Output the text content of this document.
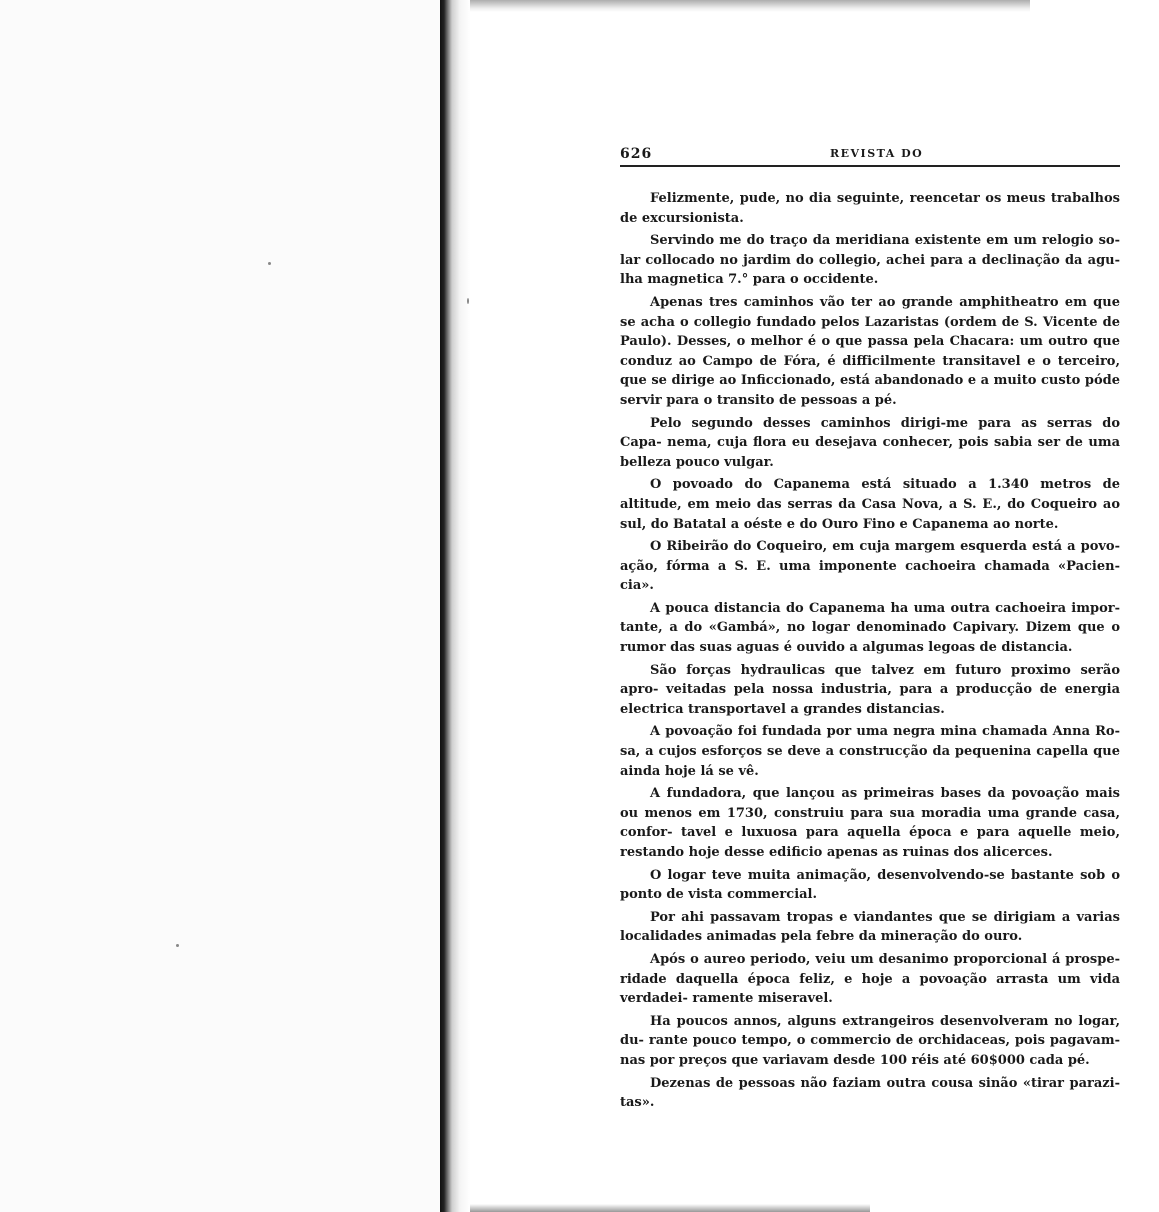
626	REVISTA DO

Felizmente, pude, no dia seguinte, reencetar os meus trabalhos de excursionista.

Servindo me do traço da meridiana existente em um relogio so- lar collocado no jardim do collegio, achei para a declinação da agu- lha magnetica 7.° para o occidente.

Apenas tres caminhos vão ter ao grande amphitheatro em que se acha o collegio fundado pelos Lazaristas (ordem de S. Vicente de Paulo). Desses, o melhor é o que passa pela Chacara: um outro que conduz ao Campo de Fóra, é difficilmente transitavel e o terceiro, que se dirige ao Inficcionado, está abandonado e a muito custo póde servir para o transito de pessoas a pé.

Pelo segundo desses caminhos dirigi-me para as serras do Capa- nema, cuja flora eu desejava conhecer, pois sabia ser de uma belleza pouco vulgar.

O povoado do Capanema está situado a 1.340 metros de altitude, em meio das serras da Casa Nova, a S. E., do Coqueiro ao sul, do Batatal a oéste e do Ouro Fino e Capanema ao norte.

O Ribeirão do Coqueiro, em cuja margem esquerda está a povo- ação, fórma a S. E. uma imponente cachoeira chamada «Pacien- cia».

A pouca distancia do Capanema ha uma outra cachoeira impor- tante, a do «Gambá», no logar denominado Capivary. Dizem que o rumor das suas aguas é ouvido a algumas legoas de distancia.

São forças hydraulicas que talvez em futuro proximo serão apro- veitadas pela nossa industria, para a producção de energia electrica transportavel a grandes distancias.

A povoação foi fundada por uma negra mina chamada Anna Ro- sa, a cujos esforços se deve a construcção da pequenina capella que ainda hoje lá se vê.

A fundadora, que lançou as primeiras bases da povoação mais ou menos em 1730, construiu para sua moradia uma grande casa, confor- tavel e luxuosa para aquella época e para aquelle meio, restando hoje desse edificio apenas as ruinas dos alicerces.

O logar teve muita animação, desenvolvendo-se bastante sob o ponto de vista commercial.

Por ahi passavam tropas e viandantes que se dirigiam a varias localidades animadas pela febre da mineração do ouro.

Após o aureo periodo, veiu um desanimo proporcional á prospe- ridade daquella época feliz, e hoje a povoação arrasta um vida verdadei- ramente miseravel.

Ha poucos annos, alguns extrangeiros desenvolveram no logar, du- rante pouco tempo, o commercio de orchidaceas, pois pagavam-nas por preços que variavam desde 100 réis até 60$000 cada pé.

Dezenas de pessoas não faziam outra cousa sinão «tirar parazi- tas».
